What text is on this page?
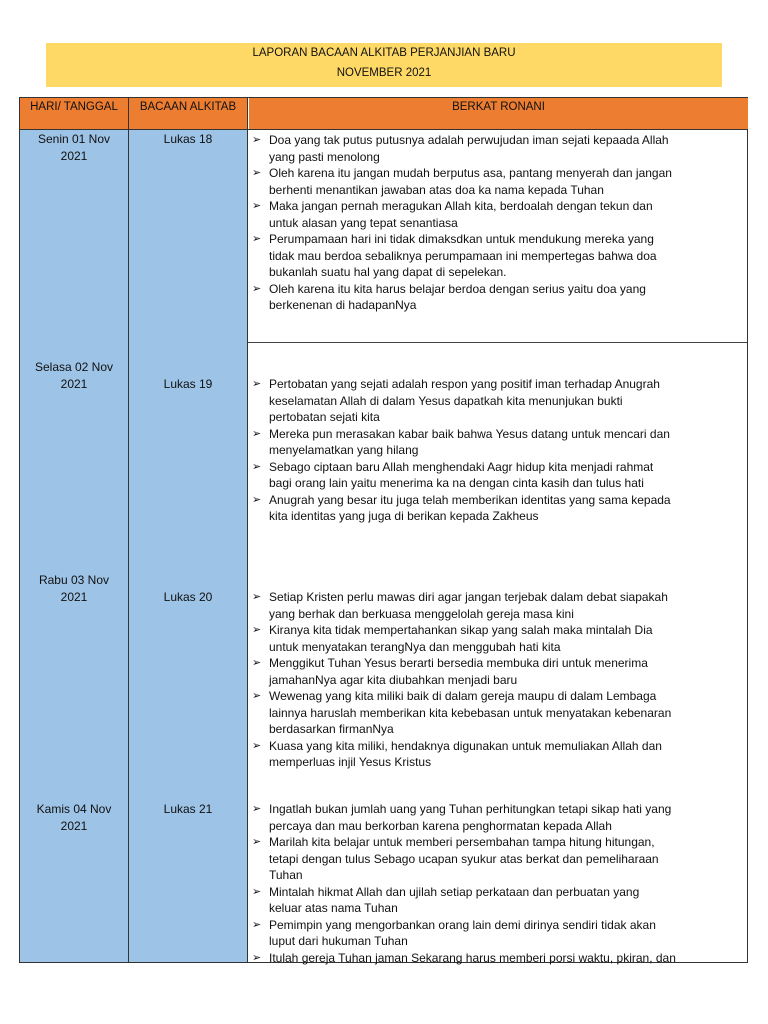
LAPORAN BACAAN ALKITAB PERJANJIAN BARU
NOVEMBER 2021
HARI/ TANGGAL	BACAAN ALKITAB	BERKAT RONANI
Senin 01 Nov
2021
Lukas 18	➢ Doa yang tak putus putusnya adalah perwujudan iman sejati kepaada Allah
yang pasti menolong
➢ Oleh karena itu jangan mudah berputus asa, pantang menyerah dan jangan
berhenti menantikan jawaban atas doa ka nama kepada Tuhan
➢ Maka jangan pernah meragukan Allah kita, berdoalah dengan tekun dan
untuk alasan yang tepat senantiasa
➢ Perumpamaan hari ini tidak dimaksdkan untuk mendukung mereka yang
tidak mau berdoa sebaliknya perumpamaan ini mempertegas bahwa doa
bukanlah suatu hal yang dapat di sepelekan.
➢ Oleh karena itu kita harus belajar berdoa dengan serius yaitu doa yang
berkenenan di hadapanNya
Selasa 02 Nov
2021	Lukas 19	➢ Pertobatan yang sejati adalah respon yang positif iman terhadap Anugrah
keselamatan Allah di dalam Yesus dapatkah kita menunjukan bukti
pertobatan sejati kita
➢ Mereka pun merasakan kabar baik bahwa Yesus datang untuk mencari dan
menyelamatkan yang hilang
➢ Sebago ciptaan baru Allah menghendaki Aagr hidup kita menjadi rahmat
bagi orang lain yaitu menerima ka na dengan cinta kasih dan tulus hati
➢ Anugrah yang besar itu juga telah memberikan identitas yang sama kepada
kita identitas yang juga di berikan kepada Zakheus
Rabu 03 Nov
2021	Lukas 20	➢ Setiap Kristen perlu mawas diri agar jangan terjebak dalam debat siapakah
yang berhak dan berkuasa menggelolah gereja masa kini
➢ Kiranya kita tidak mempertahankan sikap yang salah maka mintalah Dia
untuk menyatakan terangNya dan menggubah hati kita
➢ Menggikut Tuhan Yesus berarti bersedia membuka diri untuk menerima
jamahanNya agar kita diubahkan menjadi baru
➢ Wewenag yang kita miliki baik di dalam gereja maupu di dalam Lembaga
lainnya haruslah memberikan kita kebebasan untuk menyatakan kebenaran
berdasarkan firmanNya
➢ Kuasa yang kita miliki, hendaknya digunakan untuk memuliakan Allah dan
memperluas injil Yesus Kristus
Kamis 04 Nov
2021
Lukas 21	➢ Ingatlah bukan jumlah uang yang Tuhan perhitungkan tetapi sikap hati yang
percaya dan mau berkorban karena penghormatan kepada Allah
➢ Marilah kita belajar untuk memberi persembahan tampa hitung hitungan,
tetapi dengan tulus Sebago ucapan syukur atas berkat dan pemeliharaan
Tuhan
➢ Mintalah hikmat Allah dan ujilah setiap perkataan dan perbuatan yang
keluar atas nama Tuhan
➢ Pemimpin yang mengorbankan orang lain demi dirinya sendiri tidak akan
luput dari hukuman Tuhan
➢ Itulah gereja Tuhan jaman Sekarang harus memberi porsi waktu, pkiran, dan
